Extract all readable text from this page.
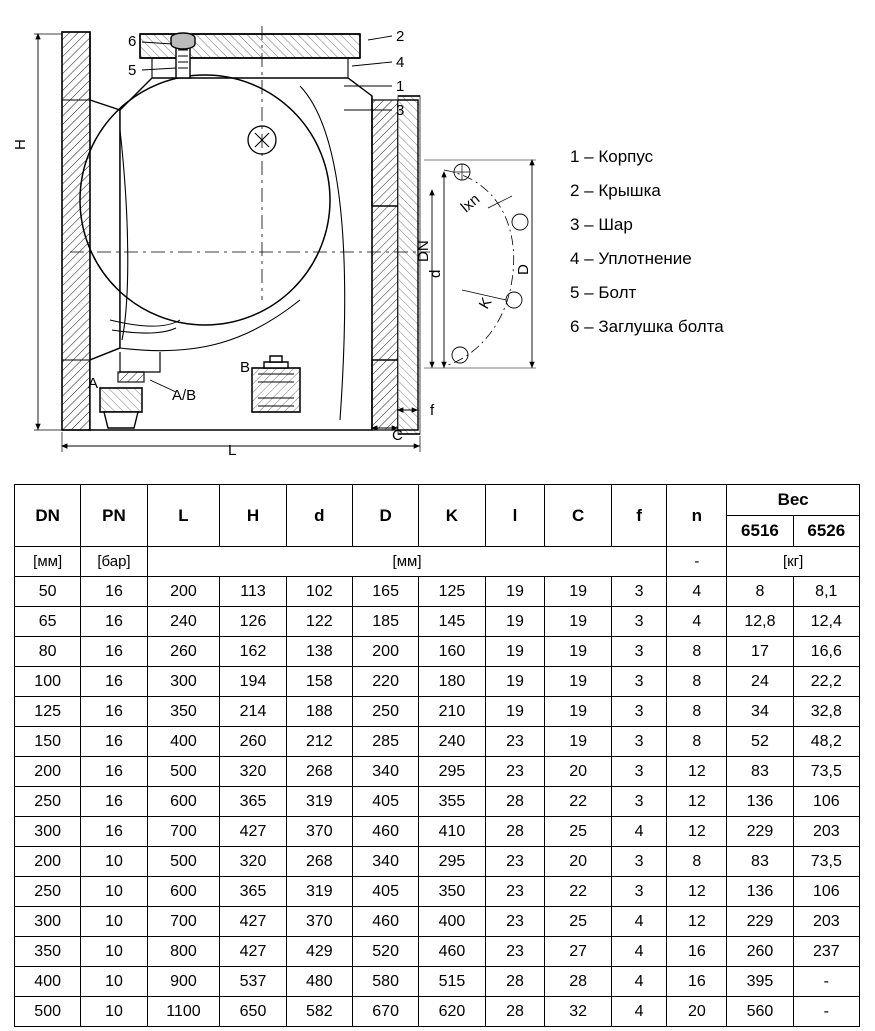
H
L
DN
d	D
K
lxn
f
C
A
B
A/B
2
4
1
3
6
5
1 – Корпус
2 – Крышка
3 – Шар
4 – Уплотнение
5 – Болт
6 – Заглушка болта
DN	PN	L	H	d	D	K	l	C	f	n	Вес	
											6516	6526
[мм]	[бар]	[мм]								-	[кг]	
50	16	200	113	102	165	125	19	19	3	4	8	8,1
65	16	240	126	122	185	145	19	19	3	4	12,8	12,4
80	16	260	162	138	200	160	19	19	3	8	17	16,6
100	16	300	194	158	220	180	19	19	3	8	24	22,2
125	16	350	214	188	250	210	19	19	3	8	34	32,8
150	16	400	260	212	285	240	23	19	3	8	52	48,2
200	16	500	320	268	340	295	23	20	3	12	83	73,5
250	16	600	365	319	405	355	28	22	3	12	136	106
300	16	700	427	370	460	410	28	25	4	12	229	203
200	10	500	320	268	340	295	23	20	3	8	83	73,5
250	10	600	365	319	405	350	23	22	3	12	136	106
300	10	700	427	370	460	400	23	25	4	12	229	203
350	10	800	427	429	520	460	23	27	4	16	260	237
400	10	900	537	480	580	515	28	28	4	16	395	-
500	10	1100	650	582	670	620	28	32	4	20	560	-
